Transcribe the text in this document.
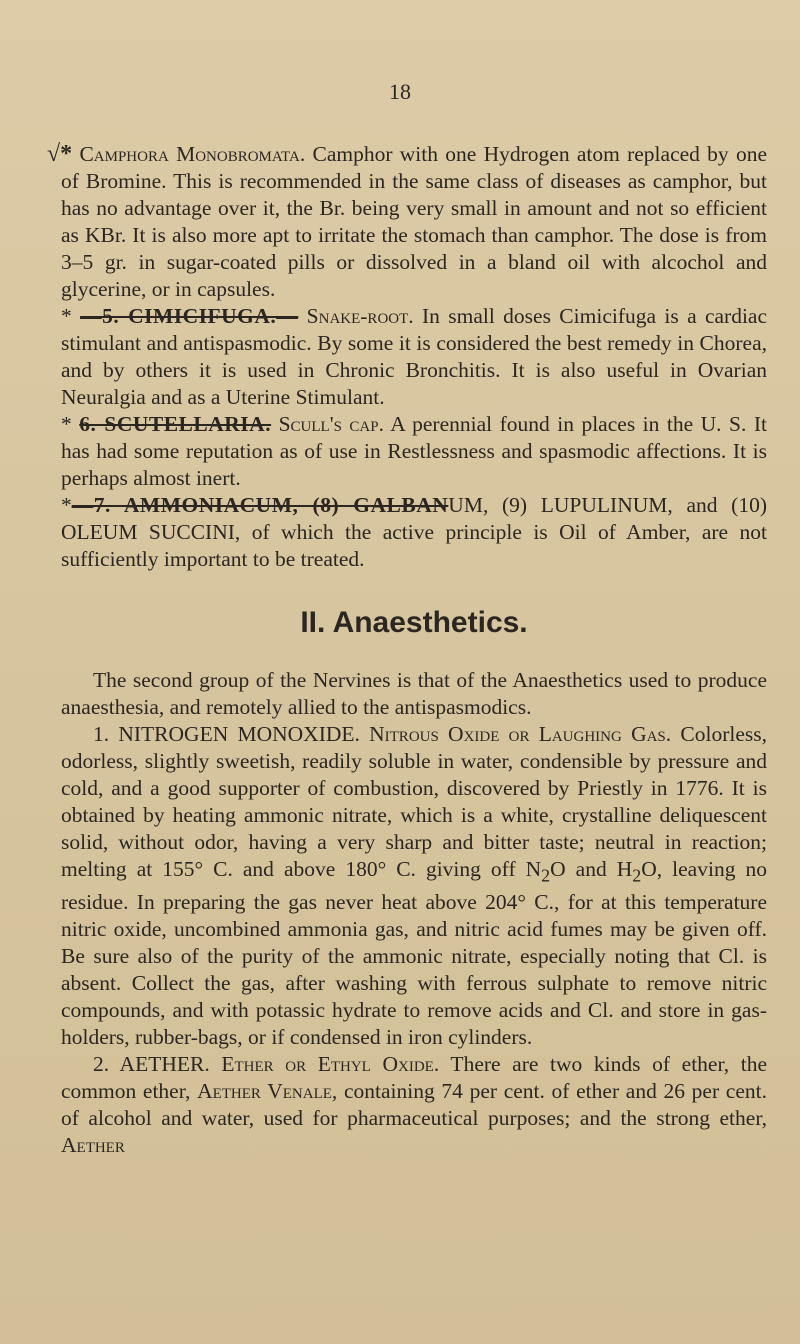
18

√* Camphora Monobromata. Camphor with one Hydrogen atom replaced by one of Bromine. This is recommended in the same class of diseases as camphor, but has no advantage over it, the Br. being very small in amount and not so efficient as KBr. It is also more apt to irritate the stomach than camphor. The dose is from 3–5 gr. in sugar-coated pills or dissolved in a bland oil with alcochol and glycerine, or in capsules.

* —5. CIMICIFUGA.— Snake-root. In small doses Cimicifuga is a cardiac stimulant and antispasmodic. By some it is considered the best remedy in Chorea, and by others it is used in Chronic Bronchitis. It is also useful in Ovarian Neuralgia and as a Uterine Stimulant.

* 6. SCUTELLARIA. Scull's cap. A perennial found in places in the U. S. It has had some reputation as of use in Restlessness and spasmodic affections. It is perhaps almost inert.

*—7. AMMONIACUM, (8) GALBANUM, (9) LUPULINUM, and (10) OLEUM SUCCINI, of which the active principle is Oil of Amber, are not sufficiently important to be treated.

II. Anaesthetics.

The second group of the Nervines is that of the Anaesthetics used to produce anaesthesia, and remotely allied to the antispasmodics.

1. NITROGEN MONOXIDE. Nitrous Oxide or Laughing Gas. Colorless, odorless, slightly sweetish, readily soluble in water, condensible by pressure and cold, and a good supporter of combustion, discovered by Priestly in 1776. It is obtained by heating ammonic nitrate, which is a white, crystalline deliquescent solid, without odor, having a very sharp and bitter taste; neutral in reaction; melting at 155° C. and above 180° C. giving off $N_2O$ and $H_2O$, leaving no residue. In preparing the gas never heat above 204° C., for at this temperature nitric oxide, uncombined ammonia gas, and nitric acid fumes may be given off. Be sure also of the purity of the ammonic nitrate, especially noting that Cl. is absent. Collect the gas, after washing with ferrous sulphate to remove nitric compounds, and with potassic hydrate to remove acids and Cl. and store in gas-holders, rubber-bags, or if condensed in iron cylinders.

2. AETHER. Ether or Ethyl Oxide. There are two kinds of ether, the common ether, Aether Venale, containing 74 per cent. of ether and 26 per cent. of alcohol and water, used for pharmaceutical purposes; and the strong ether, Aether
